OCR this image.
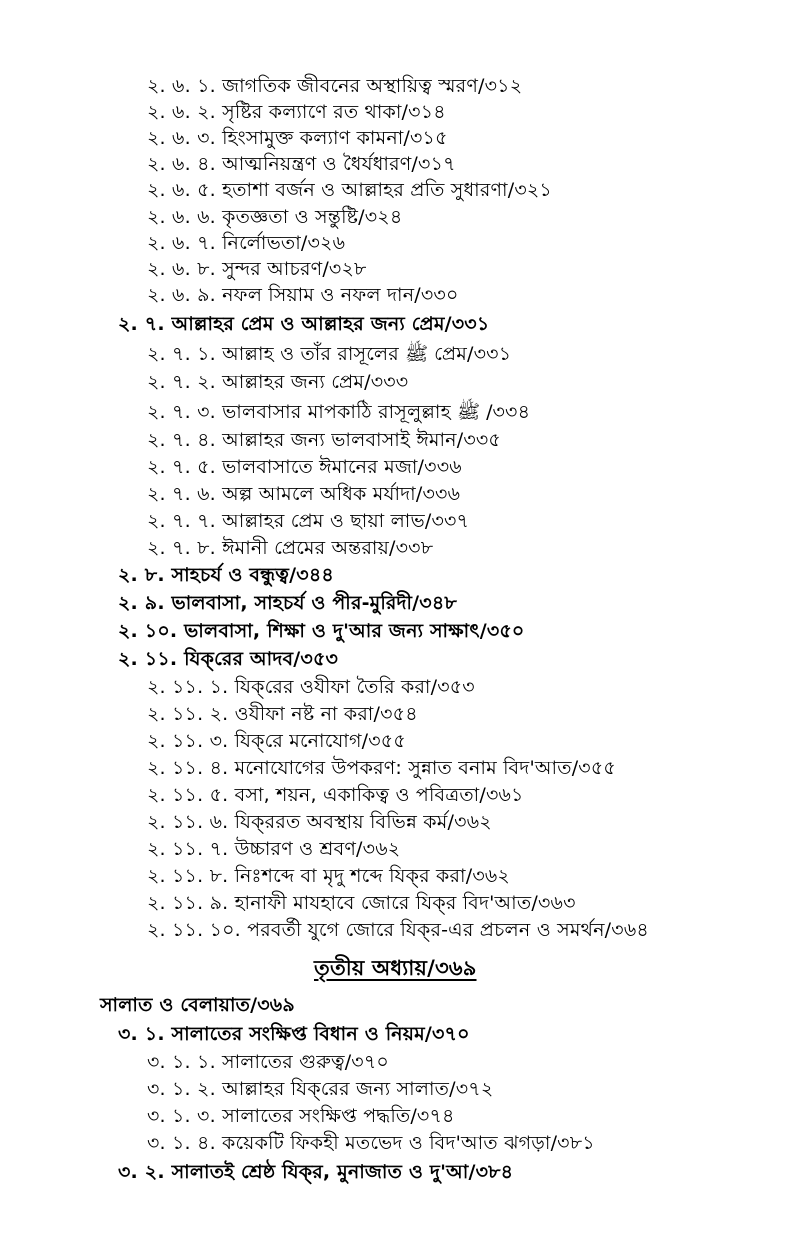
২. ৬. ১. জাগতিক জীবনের অস্থায়িত্ব স্মরণ/৩১২
২. ৬. ২. সৃষ্টির কল্যাণে রত থাকা/৩১৪
২. ৬. ৩. হিংসামুক্ত কল্যাণ কামনা/৩১৫
২. ৬. ৪. আত্মনিয়ন্ত্রণ ও ধৈর্যধারণ/৩১৭
২. ৬. ৫. হতাশা বর্জন ও আল্লাহর প্রতি সুধারণা/৩২১
২. ৬. ৬. কৃতজ্ঞতা ও সন্তুষ্টি/৩২৪
২. ৬. ৭. নির্লোভতা/৩২৬
২. ৬. ৮. সুন্দর আচরণ/৩২৮
২. ৬. ৯. নফল সিয়াম ও নফল দান/৩৩০
২. ৭. আল্লাহর প্রেম ও আল্লাহর জন্য প্রেম/৩৩১
২. ৭. ১. আল্লাহ ও তাঁর রাসূলের ﷺ প্রেম/৩৩১
২. ৭. ২. আল্লাহর জন্য প্রেম/৩৩৩
২. ৭. ৩. ভালবাসার মাপকাঠি রাসূলুল্লাহ ﷺ /৩৩৪
২. ৭. ৪. আল্লাহর জন্য ভালবাসাই ঈমান/৩৩৫
২. ৭. ৫. ভালবাসাতে ঈমানের মজা/৩৩৬
২. ৭. ৬. অল্প আমলে অধিক মর্যাদা/৩৩৬
২. ৭. ৭. আল্লাহর প্রেম ও ছায়া লাভ/৩৩৭
২. ৭. ৮. ঈমানী প্রেমের অন্তরায়/৩৩৮
২. ৮. সাহচর্য ও বন্ধুত্ব/৩৪৪
২. ৯. ভালবাসা, সাহচর্য ও পীর-মুরিদী/৩৪৮
২. ১০. ভালবাসা, শিক্ষা ও দু'আর জন্য সাক্ষাৎ/৩৫০
২. ১১. যিক্‌রের আদব/৩৫৩
২. ১১. ১. যিক্‌রের ওযীফা তৈরি করা/৩৫৩
২. ১১. ২. ওযীফা নষ্ট না করা/৩৫৪
২. ১১. ৩. যিক্‌রে মনোযোগ/৩৫৫
২. ১১. ৪. মনোযোগের উপকরণ: সুন্নাত বনাম বিদ'আত/৩৫৫
২. ১১. ৫. বসা, শয়ন, একাকিত্ব ও পবিত্রতা/৩৬১
২. ১১. ৬. যিক্‌ররত অবস্থায় বিভিন্ন কর্ম/৩৬২
২. ১১. ৭. উচ্চারণ ও শ্রবণ/৩৬২
২. ১১. ৮. নিঃশব্দে বা মৃদু শব্দে যিক্‌র করা/৩৬২
২. ১১. ৯. হানাফী মাযহাবে জোরে যিক্‌র বিদ'আত/৩৬৩
২. ১১. ১০. পরবর্তী যুগে জোরে যিক্‌র-এর প্রচলন ও সমর্থন/৩৬৪
তৃতীয় অধ্যায়/৩৬৯
সালাত ও বেলায়াত/৩৬৯
৩. ১. সালাতের সংক্ষিপ্ত বিধান ও নিয়ম/৩৭০
৩. ১. ১. সালাতের গুরুত্ব/৩৭০
৩. ১. ২. আল্লাহর যিক্‌রের জন্য সালাত/৩৭২
৩. ১. ৩. সালাতের সংক্ষিপ্ত পদ্ধতি/৩৭৪
৩. ১. ৪. কয়েকটি ফিকহী মতভেদ ও বিদ'আত ঝগড়া/৩৮১
৩. ২. সালাতই শ্রেষ্ঠ যিক্‌র, মুনাজাত ও দু'আ/৩৮৪
